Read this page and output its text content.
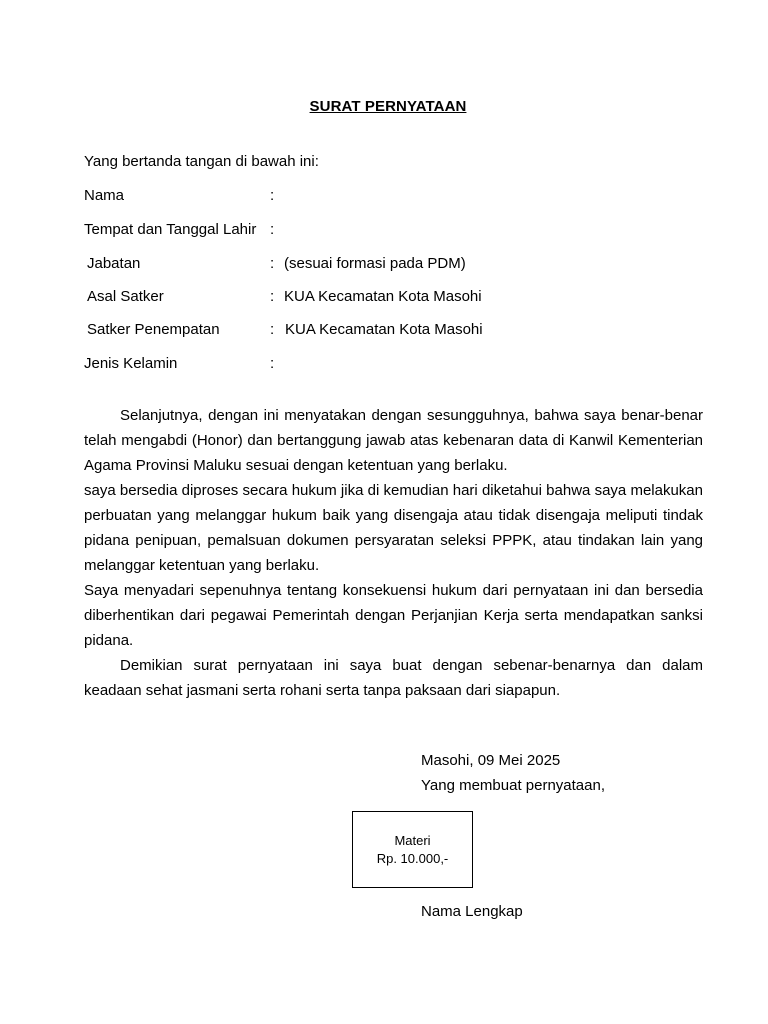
SURAT PERNYATAAN
Yang bertanda tangan di bawah ini:
Nama	:
Tempat dan Tanggal Lahir :
Jabatan	: (sesuai formasi pada PDM)
Asal Satker	: KUA Kecamatan Kota Masohi
Satker Penempatan	: KUA Kecamatan Kota Masohi
Jenis Kelamin	:

Selanjutnya, dengan ini menyatakan dengan sesungguhnya, bahwa saya benar-benar telah mengabdi (Honor) dan bertanggung jawab atas kebenaran data di Kanwil Kementerian Agama Provinsi Maluku sesuai dengan ketentuan yang berlaku.

saya bersedia diproses secara hukum jika di kemudian hari diketahui bahwa saya melakukan perbuatan yang melanggar hukum baik yang disengaja atau tidak disengaja meliputi tindak pidana penipuan, pemalsuan dokumen persyaratan seleksi PPPK, atau tindakan lain yang melanggar ketentuan yang berlaku.

Saya menyadari sepenuhnya tentang konsekuensi hukum dari pernyataan ini dan bersedia diberhentikan dari pegawai Pemerintah dengan Perjanjian Kerja serta mendapatkan sanksi pidana.

Demikian surat pernyataan ini saya buat dengan sebenar-benarnya dan dalam keadaan sehat jasmani serta rohani serta tanpa paksaan dari siapapun.

Masohi, 09 Mei 2025
Yang membuat pernyataan,
Materi
Rp. 10.000,-
Nama Lengkap
